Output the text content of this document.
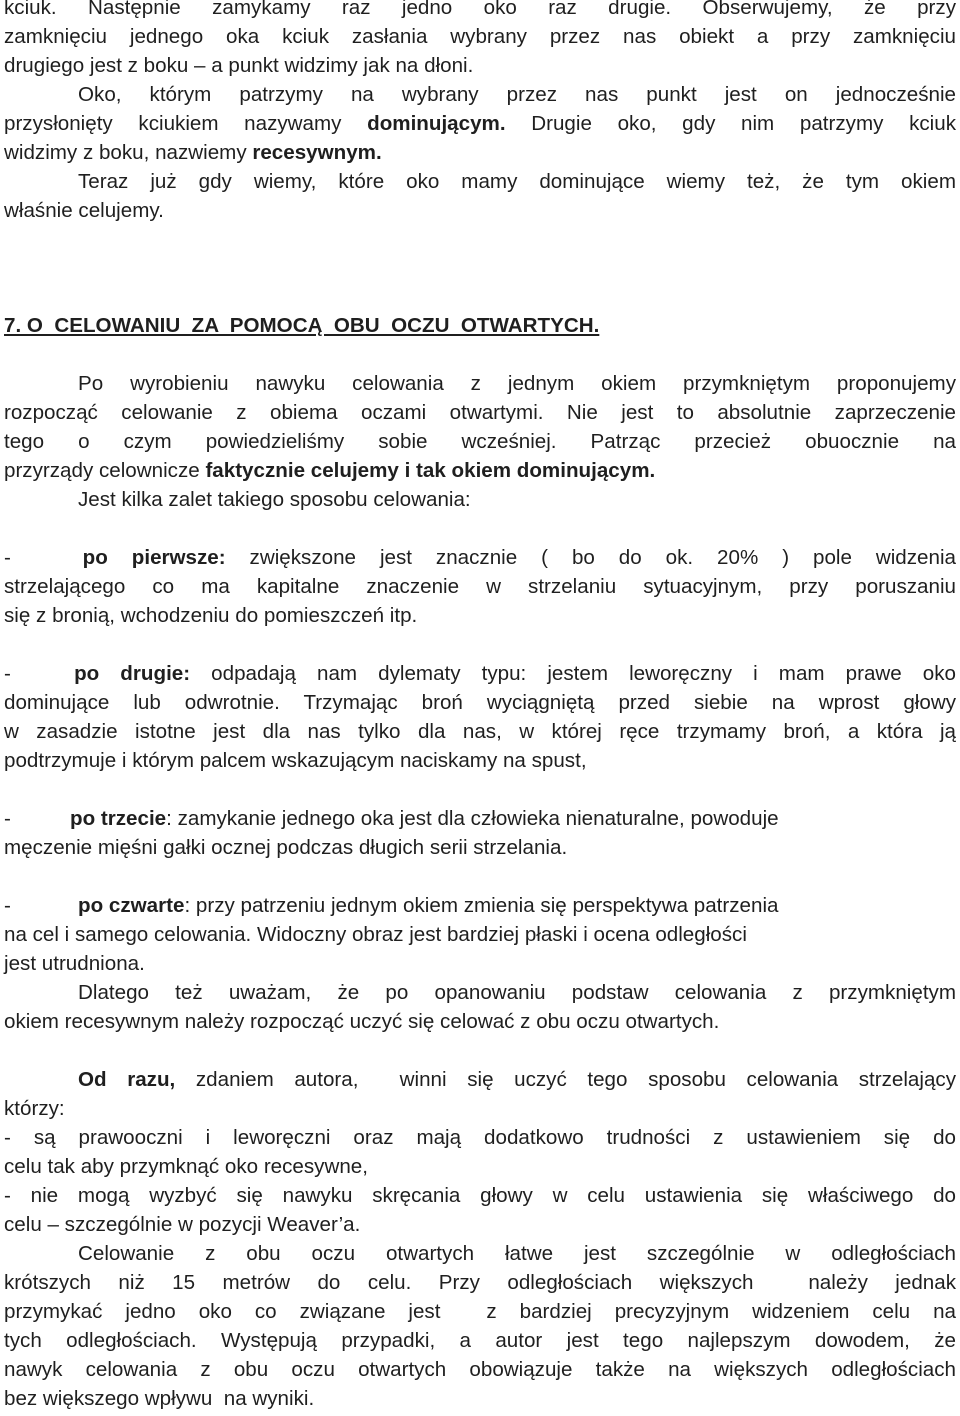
kciuk. Następnie zamykamy raz jedno oko raz drugie. Obserwujemy, że przy
zamknięciu jednego oka kciuk zasłania wybrany przez nas obiekt a przy zamknięciu
drugiego jest z boku – a punkt widzimy jak na dłoni.
Oko, którym patrzymy na wybrany przez nas punkt jest on jednocześnie
przysłonięty kciukiem nazywamy dominującym. Drugie oko, gdy nim patrzymy kciuk
widzimy z boku, nazwiemy recesywnym.
Teraz już gdy wiemy, które oko mamy dominujące wiemy też, że tym okiem
właśnie celujemy.
7. O  CELOWANIU  ZA  POMOCĄ  OBU  OCZU  OTWARTYCH.
Po wyrobieniu nawyku celowania z jednym okiem przymkniętym proponujemy
rozpocząć celowanie z obiema oczami otwartymi. Nie jest to absolutnie zaprzeczenie
tego o czym powiedzieliśmy sobie wcześniej. Patrząc przecież obuocznie na
przyrządy celownicze faktycznie celujemy i tak okiem dominującym.
Jest kilka zalet takiego sposobu celowania:
-   po pierwsze: zwiększone jest znacznie ( bo do ok. 20% ) pole widzenia
strzelającego co ma kapitalne znaczenie w strzelaniu sytuacyjnym, przy poruszaniu
się z bronią, wchodzeniu do pomieszczeń itp.
-   po drugie: odpadają nam dylematy typu: jestem leworęczny i mam prawe oko
dominujące lub odwrotnie. Trzymając broń wyciągniętą przed siebie na wprost głowy
w zasadzie istotne jest dla nas tylko dla nas, w której ręce trzymamy broń, a która ją
podtrzymuje i którym palcem wskazującym naciskamy na spust,
-	po trzecie: zamykanie jednego oka jest dla człowieka nienaturalne, powoduje
męczenie mięśni gałki ocznej podczas długich serii strzelania.
-	po czwarte: przy patrzeniu jednym okiem zmienia się perspektywa patrzenia
na cel i samego celowania. Widoczny obraz jest bardziej płaski i ocena odległości
jest utrudniona.
Dlatego też uważam, że po opanowaniu podstaw celowania z przymkniętym
okiem recesywnym należy rozpocząć uczyć się celować z obu oczu otwartych.
Od razu, zdaniem autora,  winni się uczyć tego sposobu celowania strzelający
którzy:
- są prawooczni i leworęczni oraz mają dodatkowo trudności z ustawieniem się do
celu tak aby przymknąć oko recesywne,
- nie mogą wyzbyć się nawyku skręcania głowy w celu ustawienia się właściwego do
celu – szczególnie w pozycji Weaver’a.
Celowanie z obu oczu otwartych łatwe jest szczególnie w odległościach
krótszych niż 15 metrów do celu. Przy odległościach większych  należy jednak
przymykać jedno oko co związane jest  z bardziej precyzyjnym widzeniem celu na
tych odległościach. Występują przypadki, a autor jest tego najlepszym dowodem, że
nawyk celowania z obu oczu otwartych obowiązuje także na większych odległościach
bez większego wpływu  na wyniki.
